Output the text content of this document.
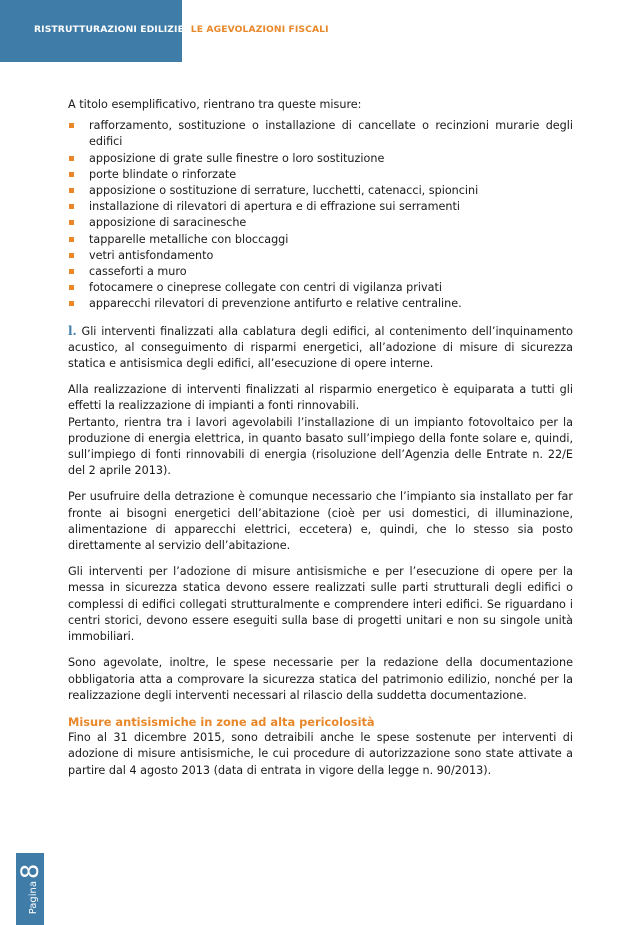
RISTRUTTURAZIONI EDILIZIE: LE AGEVOLAZIONI FISCALI

A titolo esemplificativo, rientrano tra queste misure:

rafforzamento, sostituzione o installazione di cancellate o recinzioni murarie degli edifici
apposizione di grate sulle finestre o loro sostituzione
porte blindate o rinforzate
apposizione o sostituzione di serrature, lucchetti, catenacci, spioncini
installazione di rilevatori di apertura e di effrazione sui serramenti
apposizione di saracinesche
tapparelle metalliche con bloccaggi
vetri antisfondamento
casseforti a muro
fotocamere o cineprese collegate con centri di vigilanza privati
apparecchi rilevatori di prevenzione antifurto e relative centraline.

l. Gli interventi finalizzati alla cablatura degli edifici, al contenimento dell’inquinamento acustico, al conseguimento di risparmi energetici, all’adozione di misure di sicurezza statica e antisismica degli edifici, all’esecuzione di opere interne.

Alla realizzazione di interventi finalizzati al risparmio energetico è equiparata a tutti gli effetti la realizzazione di impianti a fonti rinnovabili.

Pertanto, rientra tra i lavori agevolabili l’installazione di un impianto fotovoltaico per la produzione di energia elettrica, in quanto basato sull’impiego della fonte solare e, quindi, sull’impiego di fonti rinnovabili di energia (risoluzione dell’Agenzia delle Entrate n. 22/E del 2 aprile 2013).

Per usufruire della detrazione è comunque necessario che l’impianto sia installato per far fronte ai bisogni energetici dell’abitazione (cioè per usi domestici, di illuminazione, alimentazione di apparecchi elettrici, eccetera) e, quindi, che lo stesso sia posto direttamente al servizio dell’abitazione.

Gli interventi per l’adozione di misure antisismiche e per l’esecuzione di opere per la messa in sicurezza statica devono essere realizzati sulle parti strutturali degli edifici o complessi di edifici collegati strutturalmente e comprendere interi edifici. Se riguardano i centri storici, devono essere eseguiti sulla base di progetti unitari e non su singole unità immobiliari.

Sono agevolate, inoltre, le spese necessarie per la redazione della documentazione obbligatoria atta a comprovare la sicurezza statica del patrimonio edilizio, nonché per la realizzazione degli interventi necessari al rilascio della suddetta documentazione.

Misure antisismiche in zone ad alta pericolosità

Fino al 31 dicembre 2015, sono detraibili anche le spese sostenute per interventi di adozione di misure antisismiche, le cui procedure di autorizzazione sono state attivate a partire dal 4 agosto 2013 (data di entrata in vigore della legge n. 90/2013).

Pagina8
